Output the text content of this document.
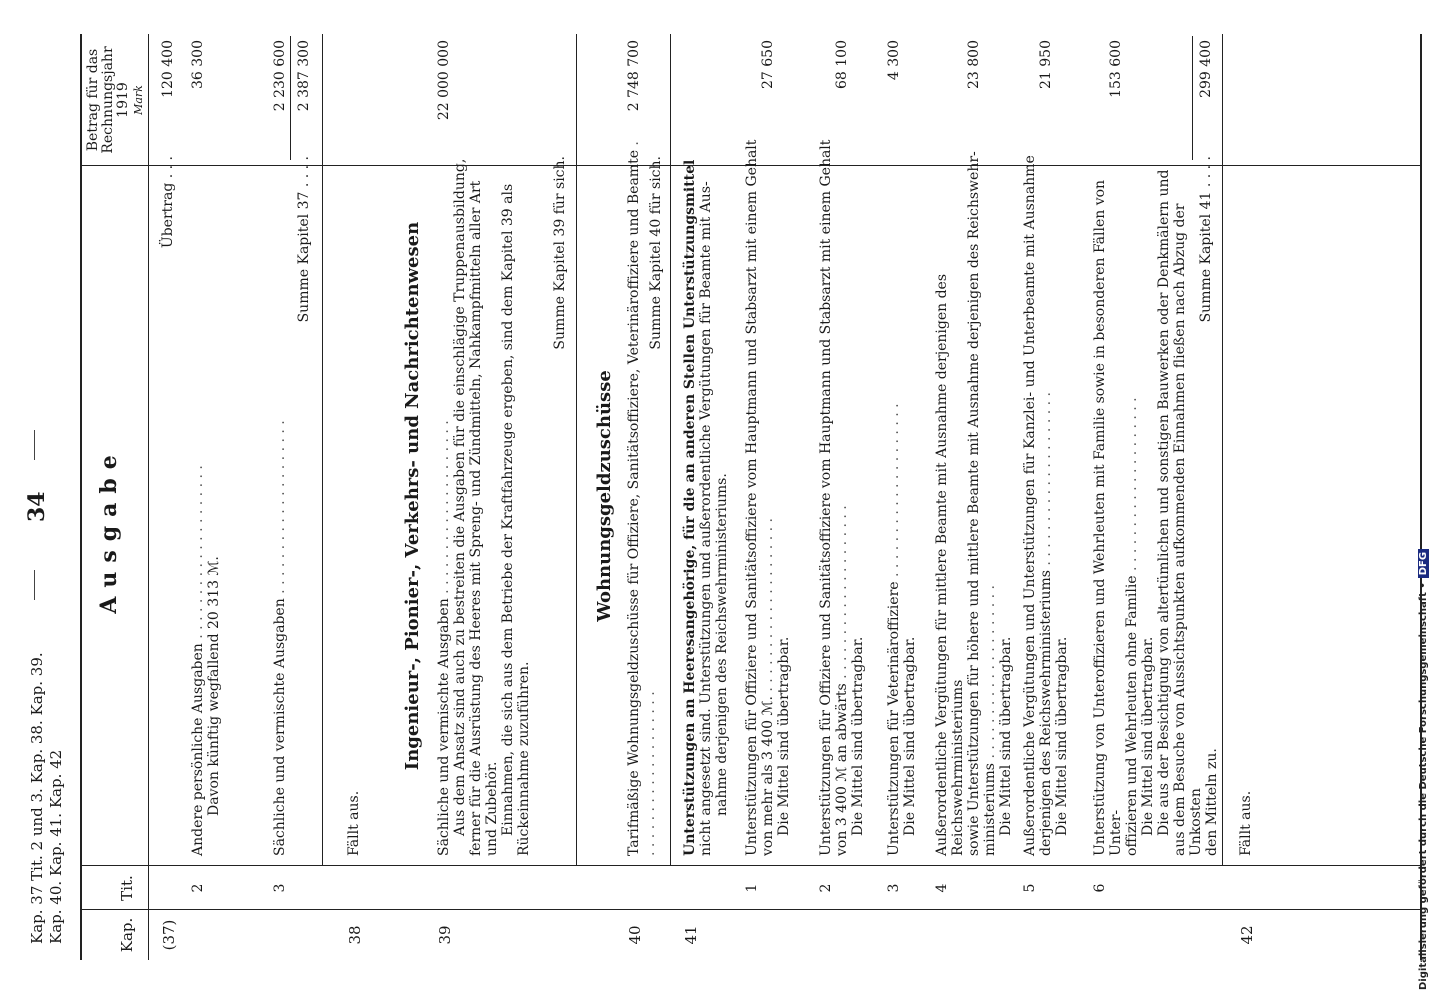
Kap. 37 Tit. 2 und 3. Kap. 38. Kap. 39. Kap. 40. Kap. 41. Kap. 42
34
Kap.
Tit.
Ausgabe
Betrag für das Rechnungsjahr 1919 Mark
(37)
Übertrag . . .
120 400
2
Andere persönliche Ausgaben . . . Davon künftig wegfallend 20 313 ℳ.
36 300
3
Sächliche und vermischte Ausgaben . . .
2 230 600
Summe Kapitel 37 . . . .
2 387 300
38
Fällt aus.
Ingenieur-, Pionier-, Verkehrs- und Nachrichtenwesen
39
Sächliche und vermischte Ausgaben . . . Aus dem Ansatz sind auch zu bestreiten die Ausgaben für die einschlägige Truppenausbildung, ferner für die Ausrüstung des Heeres mit Spreng- und Zündmitteln, Nahkampfmitteln aller Art und Zubehör. Einnahmen, die sich aus dem Betriebe der Kraftfahrzeuge ergeben, sind dem Kapitel 39 als Rückeinnahme zuzuführen.
22 000 000
Summe Kapitel 39 für sich.
Wohnungsgeldzuschüsse
40
Tarifmäßige Wohnungsgeldzuschüsse für Offiziere, Sanitätsoffiziere, Veterinäroffiziere und Beamte . . .
2 748 700
Summe Kapitel 40 für sich.
41
Unterstützungen an Heeresangehörige, für die an anderen Stellen Unterstützungsmittel nicht angesetzt sind. Unterstützungen und außerordentliche Vergütungen für Beamte mit Aus- nahme derjenigen des Reichswehrministeriums.
1
Unterstützungen für Offiziere und Sanitätsoffiziere vom Hauptmann und Stabsarzt mit einem Gehalt von mehr als 3 400 ℳ. . . . Die Mittel sind übertragbar.
27 650
2
Unterstützungen für Offiziere und Sanitätsoffiziere vom Hauptmann und Stabsarzt mit einem Gehalt von 3 400 ℳ an abwärts . . . Die Mittel sind übertragbar.
68 100
3
Unterstützungen für Veterinäroffiziere . . . Die Mittel sind übertragbar.
4 300
4
Außerordentliche Vergütungen für mittlere Beamte mit Ausnahme derjenigen des Reichswehrministeriums sowie Unterstützungen für höhere und mittlere Beamte mit Ausnahme derjenigen des Reichswehr- ministeriums . . . Die Mittel sind übertragbar.
23 800
5
Außerordentliche Vergütungen und Unterstützungen für Kanzlei- und Unterbeamte mit Ausnahme derjenigen des Reichswehrministeriums . . . Die Mittel sind übertragbar.
21 950
6
Unterstützung von Unteroffizieren und Wehrleuten mit Familie sowie in besonderen Fällen von Unter- offizieren und Wehrleuten ohne Familie . . . Die Mittel sind übertragbar. Die aus der Besichtigung von altertümlichen und sonstigen Bauwerken oder Denkmälern und aus dem Besuche von Aussichtspunkten aufkommenden Einnahmen fließen nach Abzug der Unkosten den Mitteln zu.
153 600
Summe Kapitel 41 . . . .
299 400
42
Fällt aus.	Digitalisierung gefördert durch die Deutsche Forschungsgemeinschaft •DFG
